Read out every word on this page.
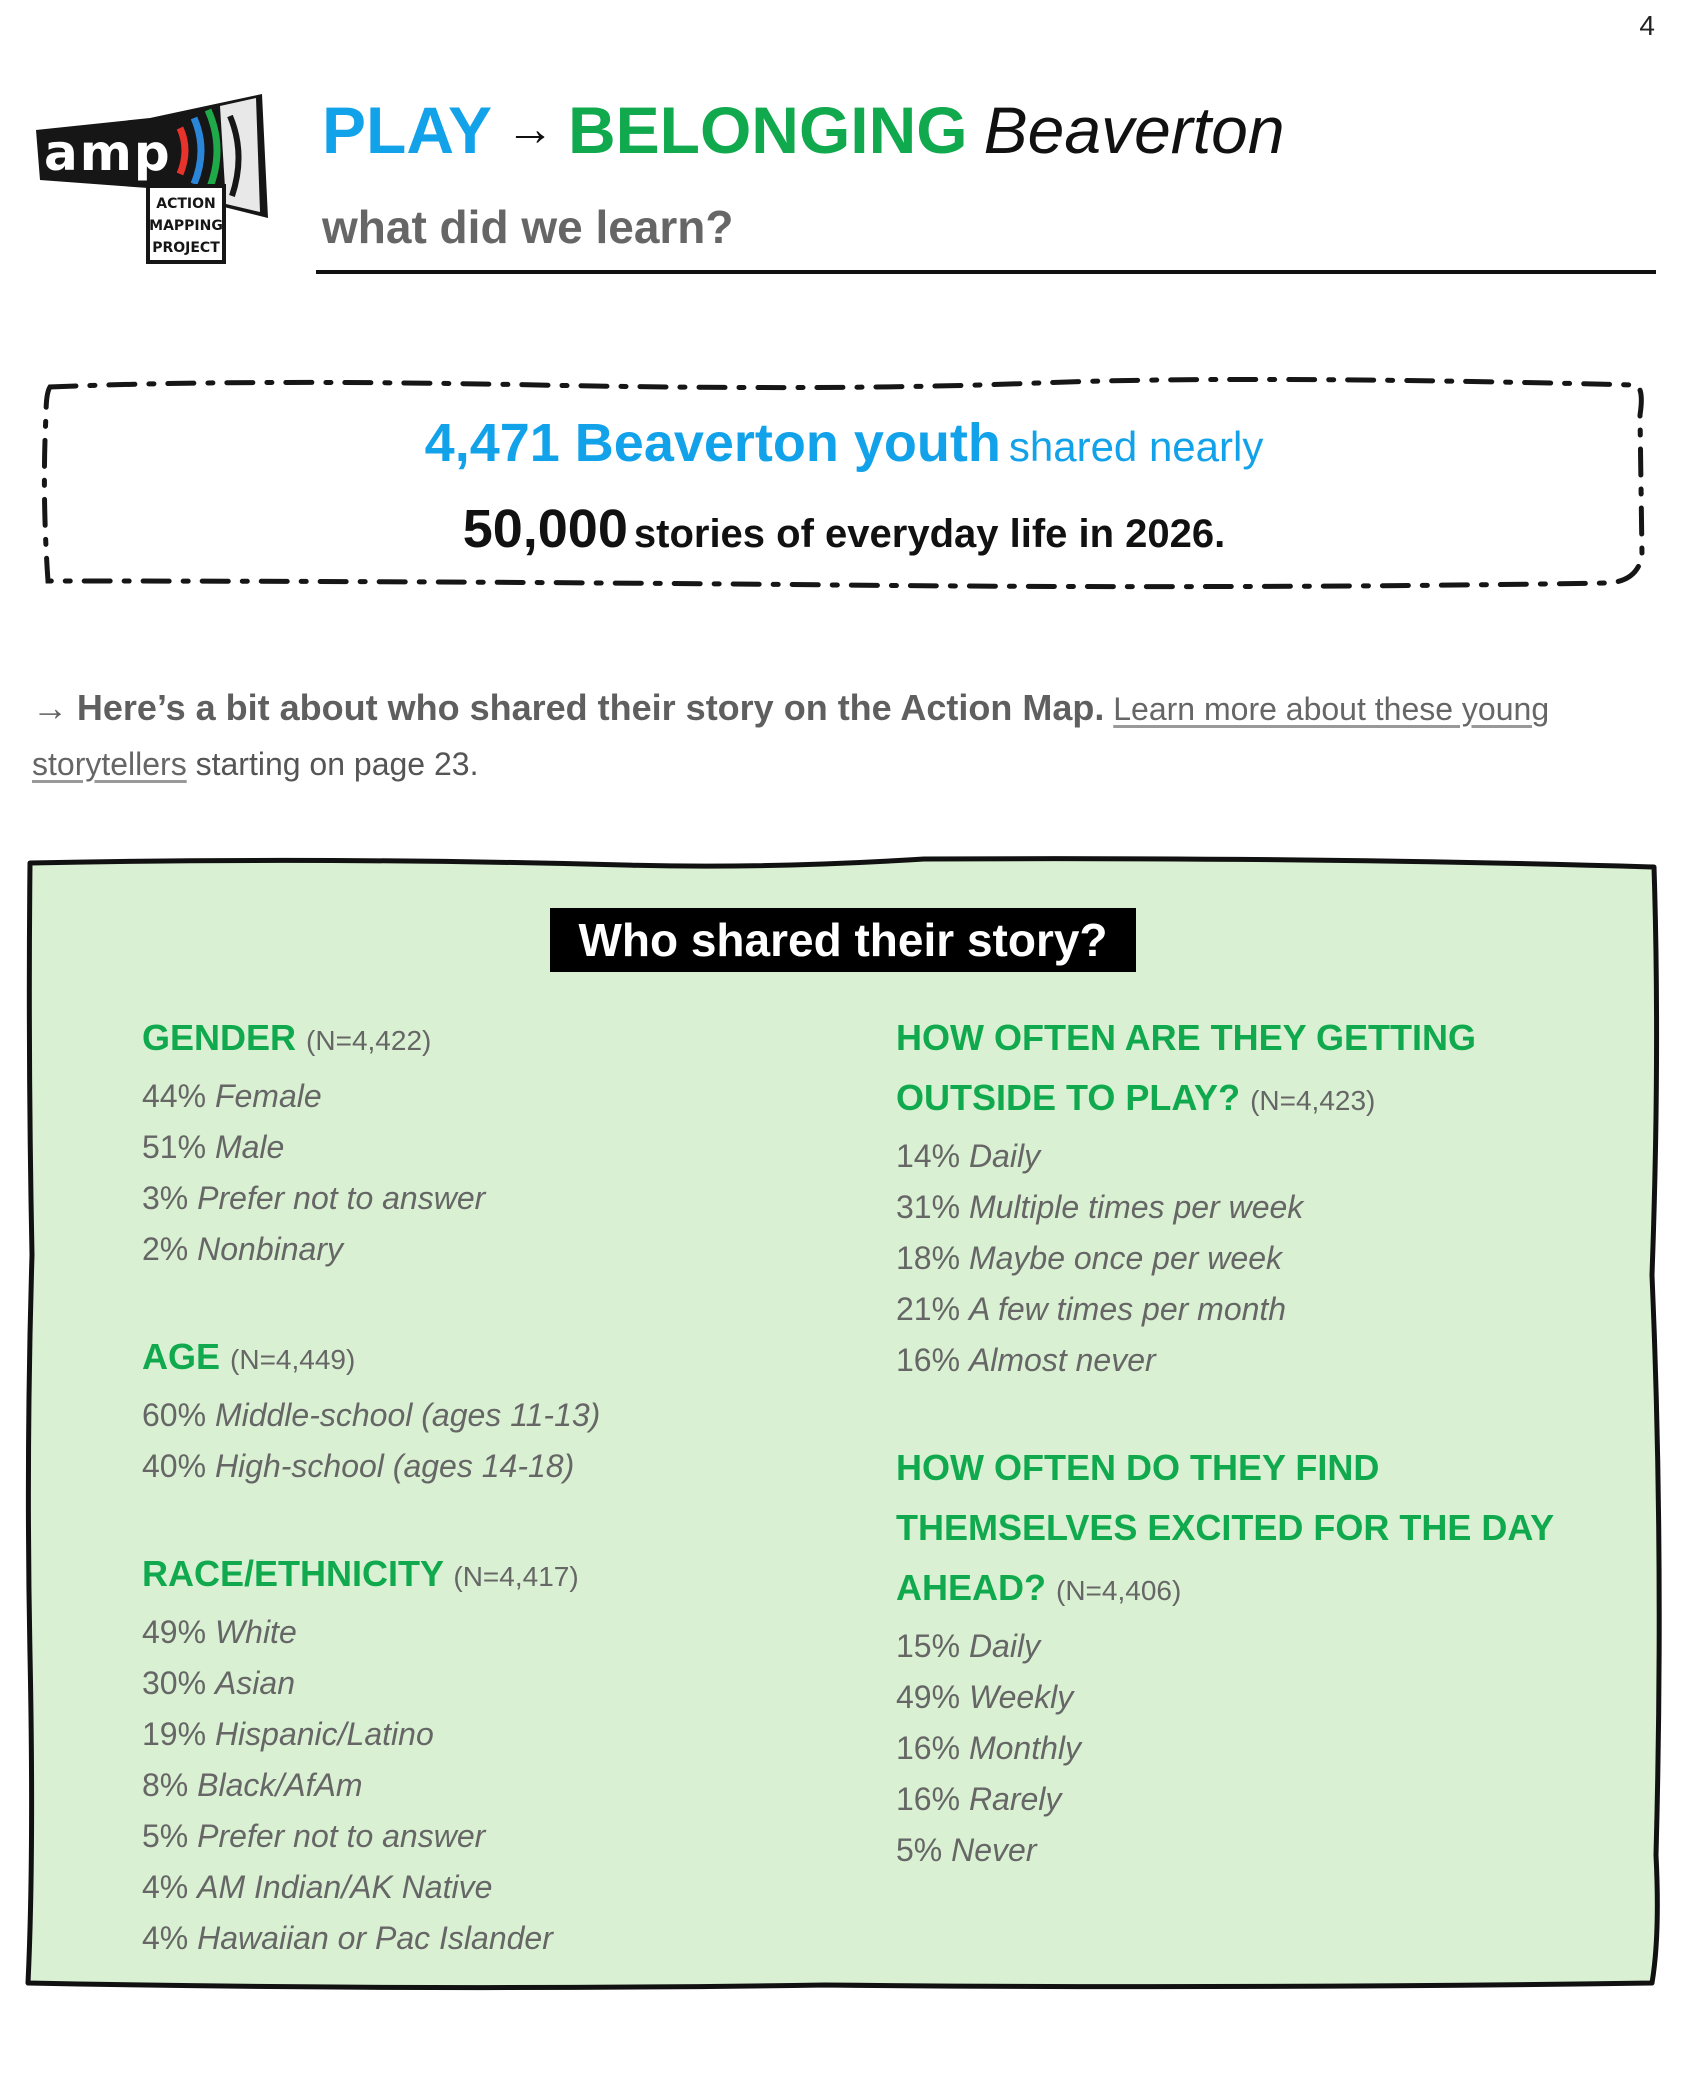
4
amp
ACTION
MAPPING
PROJECT
PLAY → BELONGING Beaverton
what did we learn?
4,471 Beaverton youth shared nearly
50,000 stories of everyday life in 2026.
→ Here’s a bit about who shared their story on the Action Map. Learn more about these young storytellers starting on page 23.
Who shared their story?
GENDER (N=4,422)
44% Female
51% Male
3% Prefer not to answer
2% Nonbinary
AGE (N=4,449)
60% Middle-school (ages 11-13)
40% High-school (ages 14-18)
RACE/ETHNICITY (N=4,417)
49% White
30% Asian
19% Hispanic/Latino
8% Black/AfAm
5% Prefer not to answer
4% AM Indian/AK Native
4% Hawaiian or Pac Islander
HOW OFTEN ARE THEY GETTING
OUTSIDE TO PLAY? (N=4,423)
14% Daily
31% Multiple times per week
18% Maybe once per week
21% A few times per month
16% Almost never
HOW OFTEN DO THEY FIND
THEMSELVES EXCITED FOR THE DAY
AHEAD? (N=4,406)
15% Daily
49% Weekly
16% Monthly
16% Rarely
5% Never
